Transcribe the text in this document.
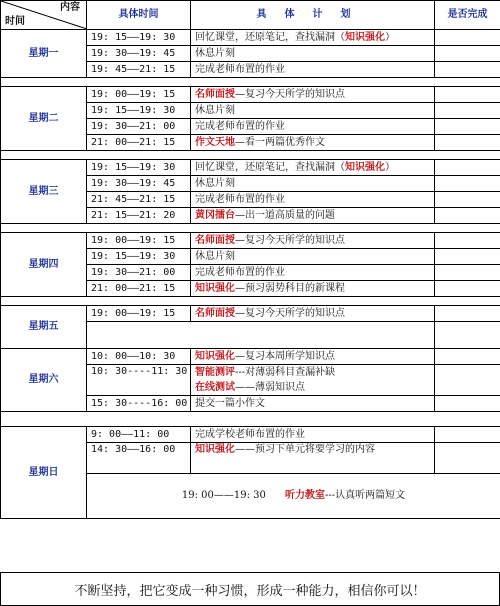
内容
时间	具体时间	具体计划	是否完成
星期一	19: 15——19: 30	回忆课堂，还原笔记，查找漏洞（知识强化）	
	19: 30——19: 45	休息片刻	
	19: 45——21: 15	完成老师布置的作业	

星期二	19: 00——19: 15	名师面授—复习今天所学的知识点	
	19: 15——19: 30	休息片刻	
	19: 30——21: 00	完成老师布置的作业	
	21: 00——21: 15	作文天地—看一两篇优秀作文	

星期三	19: 15——19: 30	回忆课堂，还原笔记，查找漏洞（知识强化）	
	19: 30——19: 45	休息片刻	
	21: 45——21: 15	完成老师布置的作业	
	21: 15——21: 20	黄冈擂台—出一道高质量的问题	

星期四	19: 00——19: 15	名师面授—复习今天所学的知识点	
	19: 15——19: 30	休息片刻	
	19: 30——21: 00	完成老师布置的作业	
	21: 00——21: 15	知识强化—预习弱势科目的新课程	

星期五	19: 00——19: 15	名师面授—复习今天所学的知识点	

星期六	10: 00——10: 30	知识强化—复习本周所学知识点	
	10: 30----11: 30	智能测评---对薄弱科目查漏补缺	
		在线测试——薄弱知识点	
	15: 30----16: 00	提交一篇小作文	

星期日	9: 00——11: 00	完成学校老师布置的作业	
	14: 30——16: 00	知识强化——预习下单元将要学习的内容	
	19: 00——19: 30 听力教室---认真听两篇短文		
不断坚持，把它变成一种习惯，形成一种能力，相信你可以！
